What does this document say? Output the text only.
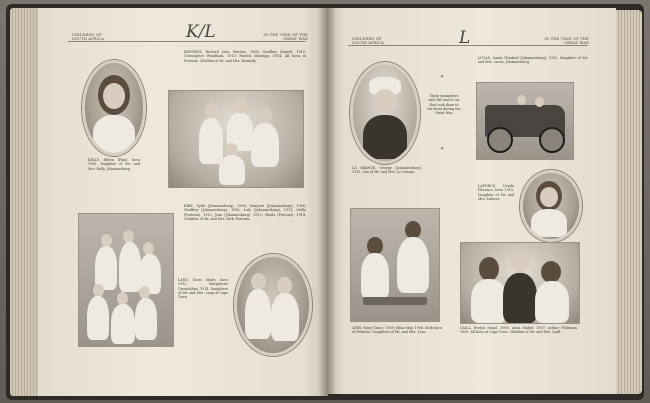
CHILDREN OF SOUTH AFRICA
IN THE TIME OF THE GREAT WAR
K/L
KELLY, Eileen (Pam), born 1905. Daughter of Mr. and Mrs. Kelly, Johannesburg.
KENNEDY, Richard John Stevens, 1908; Geoffrey Russell, 1910; Christopher Wyndham, 1913; Patrick Montagu, 1914. All born at Pretoria. Children of Dr. and Mrs. Kennedy.
KIRK, Sybil (Johannesburg), 1906; Marjorie (Johannesburg), 1908; Geoffrey (Johannesburg), 1910; Lulu (Johannesburg), 1911; Stella (Pretoria), 1912; Joan (Johannesburg), 1913; Sheila (Pretoria), 1914. Children of Mr. and Mrs. Kirk, Pretoria.
LANG, Doris Marie, born 1912; Marguerite Gwendoline, 1914. Daughters of Mr. and Mrs. Lang of Cape Town.
CHILDREN OF SOUTH AFRICA
IN THE TIME OF THE GREAT WAR
L
LA GRANGE, George (Johannesburg), 1913. Son of Mr. and Mrs. La Grange.
✦
✦
These youngsters with the motor car that took them to the front during the Great War.
LUCAS, Sarah Winifred (Johannesburg), 1912. Daughter of Mr. and Mrs. Lucas, Johannesburg.
LAFORCE, Ursula Florence, born 1910. Daughter of Mr. and Mrs. Laforce.
LEES, Mary Grace, 1909; Edna May, 1906. Both born at Pretoria. Daughters of Mr. and Mrs. Lees.
LYALL, Evelyn Maud, 1905; Anna Mabel, 1907; Arthur Philemon, 1909. All born at Cape Town. Children of Mr. and Mrs. Lyall.
